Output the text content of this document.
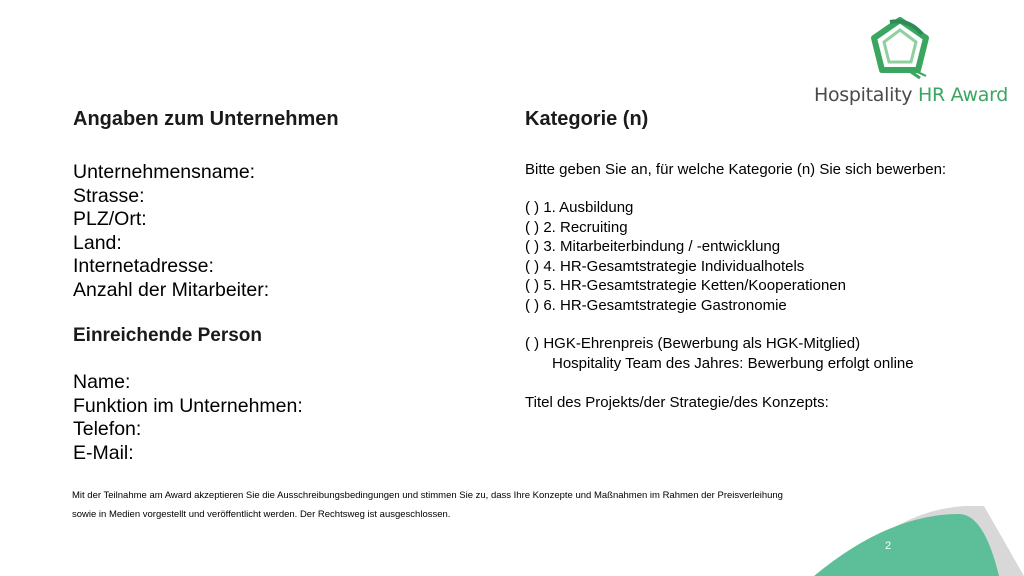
Hospitality HR Award
Angaben zum Unternehmen
Unternehmensname:
Strasse:
PLZ/Ort:
Land:
Internetadresse:
Anzahl der Mitarbeiter:
Einreichende Person
Name:
Funktion im Unternehmen:
Telefon:
E-Mail:
Kategorie (n)
Bitte geben Sie an, für welche Kategorie (n) Sie sich bewerben:
( ) 1. Ausbildung
( ) 2. Recruiting
( ) 3. Mitarbeiterbindung / -entwicklung
( ) 4. HR-Gesamtstrategie Individualhotels
( ) 5. HR-Gesamtstrategie Ketten/Kooperationen
( ) 6. HR-Gesamtstrategie Gastronomie
( ) HGK-Ehrenpreis (Bewerbung als HGK-Mitglied)
Hospitality Team des Jahres: Bewerbung erfolgt online
Titel des Projekts/der Strategie/des Konzepts:
Mit der Teilnahme am Award akzeptieren Sie die Ausschreibungsbedingungen und stimmen Sie zu, dass Ihre Konzepte und Maßnahmen im Rahmen der Preisverleihung
sowie in Medien vorgestellt und veröffentlicht werden. Der Rechtsweg ist ausgeschlossen.
2
